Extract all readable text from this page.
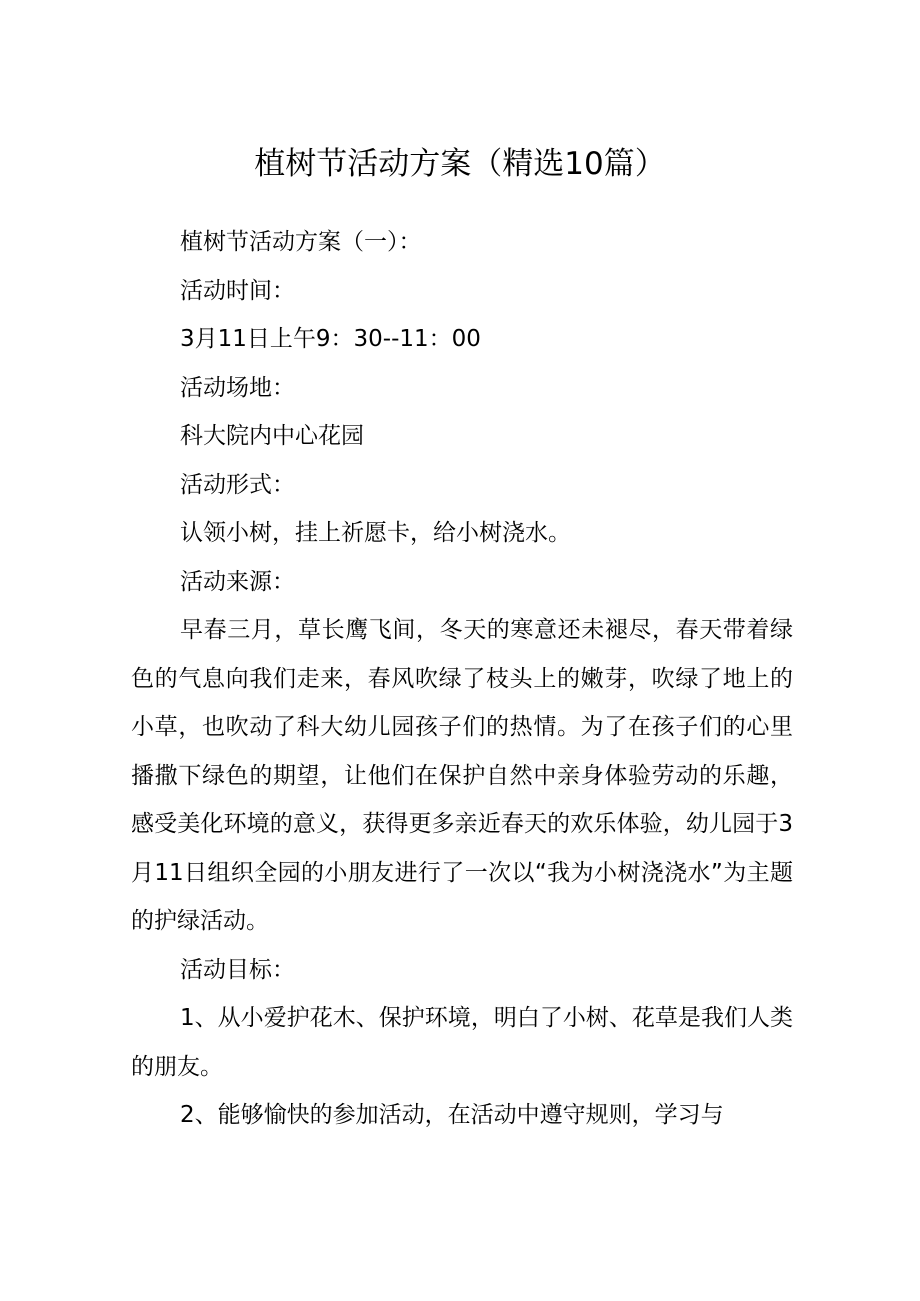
植树节活动方案（精选10篇）

植树节活动方案（一）：

活动时间：

3月11日上午9：30--11：00

活动场地：

科大院内中心花园

活动形式：

认领小树，挂上祈愿卡，给小树浇水。

活动来源：

早春三月，草长鹰飞间，冬天的寒意还未褪尽，春天带着绿色的气息向我们走来，春风吹绿了枝头上的嫩芽，吹绿了地上的小草，也吹动了科大幼儿园孩子们的热情。为了在孩子们的心里播撒下绿色的期望，让他们在保护自然中亲身体验劳动的乐趣，感受美化环境的意义，获得更多亲近春天的欢乐体验，幼儿园于3月11日组织全园的小朋友进行了一次以“我为小树浇浇水”为主题的护绿活动。

活动目标：

1、从小爱护花木、保护环境，明白了小树、花草是我们人类的朋友。

2、能够愉快的参加活动，在活动中遵守规则，学习与
